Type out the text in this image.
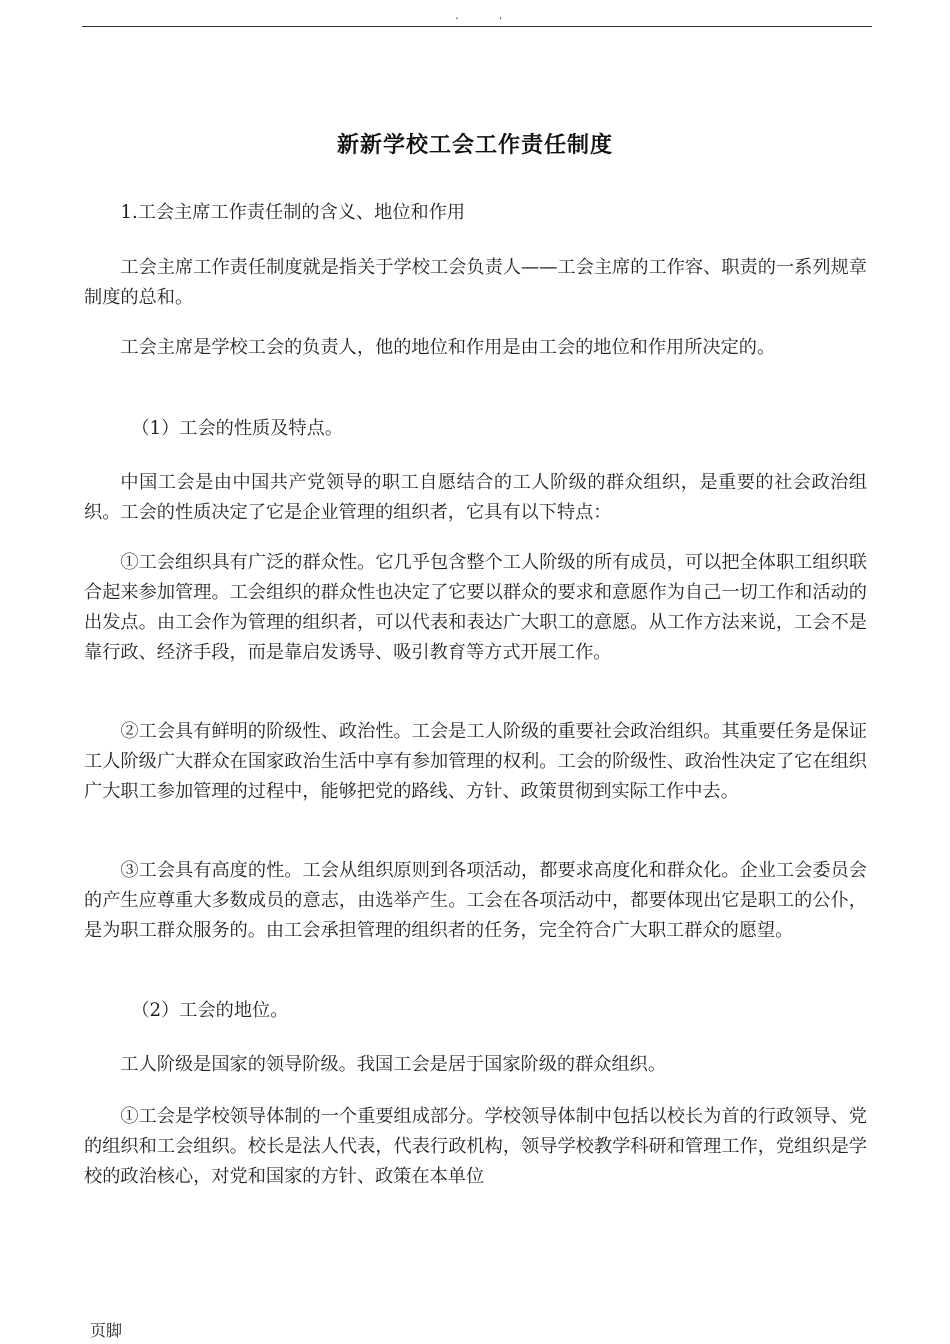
. .
新新学校工会工作责任制度

1.工会主席工作责任制的含义、地位和作用

工会主席工作责任制度就是指关于学校工会负责人——工会主席的工作容、职责的一系列规章制度的总和。

工会主席是学校工会的负责人，他的地位和作用是由工会的地位和作用所决定的。

（1）工会的性质及特点。

中国工会是由中国共产党领导的职工自愿结合的工人阶级的群众组织，是重要的社会政治组织。工会的性质决定了它是企业管理的组织者，它具有以下特点：

①工会组织具有广泛的群众性。它几乎包含整个工人阶级的所有成员，可以把全体职工组织联合起来参加管理。工会组织的群众性也决定了它要以群众的要求和意愿作为自己一切工作和活动的出发点。由工会作为管理的组织者，可以代表和表达广大职工的意愿。从工作方法来说，工会不是靠行政、经济手段，而是靠启发诱导、吸引教育等方式开展工作。

②工会具有鲜明的阶级性、政治性。工会是工人阶级的重要社会政治组织。其重要任务是保证工人阶级广大群众在国家政治生活中享有参加管理的权利。工会的阶级性、政治性决定了它在组织广大职工参加管理的过程中，能够把党的路线、方针、政策贯彻到实际工作中去。

③工会具有高度的性。工会从组织原则到各项活动，都要求高度化和群众化。企业工会委员会的产生应尊重大多数成员的意志，由选举产生。工会在各项活动中，都要体现出它是职工的公仆，是为职工群众服务的。由工会承担管理的组织者的任务，完全符合广大职工群众的愿望。

（2）工会的地位。

工人阶级是国家的领导阶级。我国工会是居于国家阶级的群众组织。

①工会是学校领导体制的一个重要组成部分。学校领导体制中包括以校长为首的行政领导、党的组织和工会组织。校长是法人代表，代表行政机构，领导学校教学科研和管理工作，党组织是学校的政治核心，对党和国家的方针、政策在本单位

页脚
